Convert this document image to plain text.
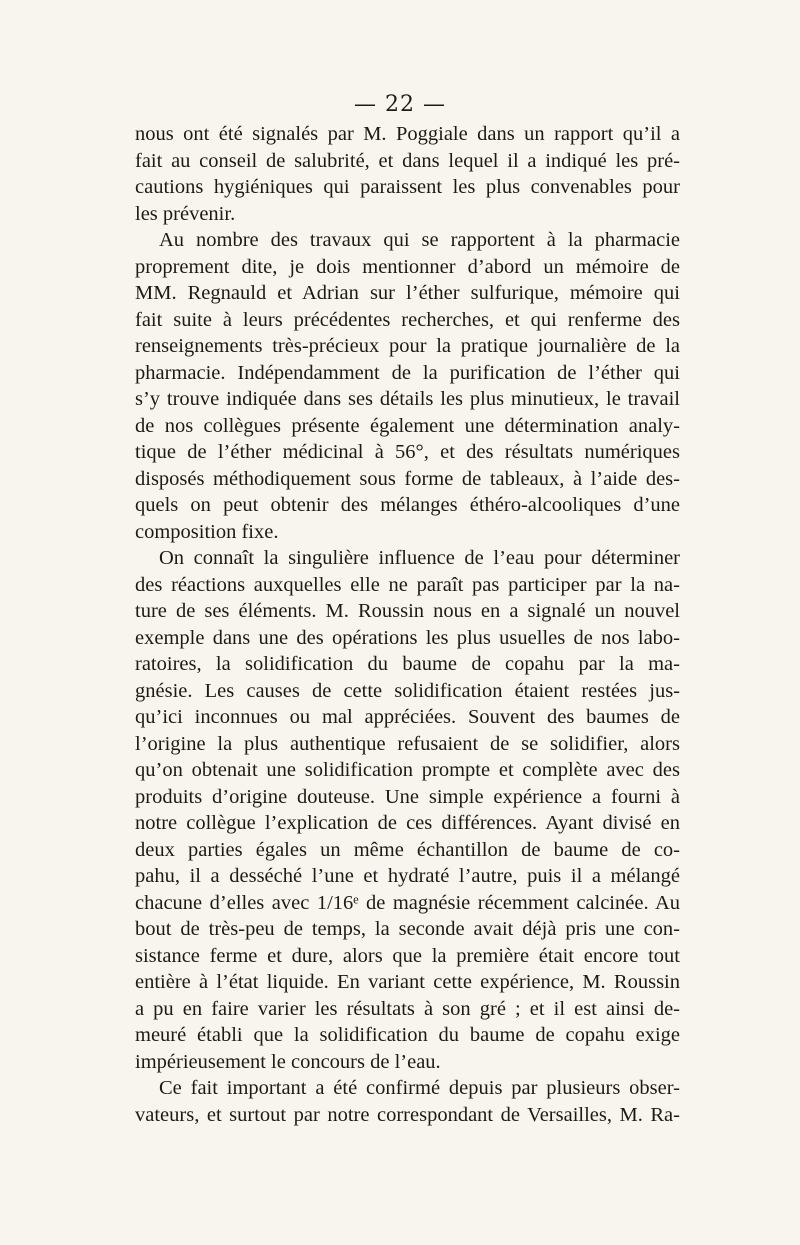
— 22 —
nous ont été signalés par M. Poggiale dans un rapport qu’il a
fait au conseil de salubrité, et dans lequel il a indiqué les pré-
cautions hygiéniques qui paraissent les plus convenables pour
les prévenir.
Au nombre des travaux qui se rapportent à la pharmacie
proprement dite, je dois mentionner d’abord un mémoire de
MM. Regnauld et Adrian sur l’éther sulfurique, mémoire qui
fait suite à leurs précédentes recherches, et qui renferme des
renseignements très-précieux pour la pratique journalière de la
pharmacie. Indépendamment de la purification de l’éther qui
s’y trouve indiquée dans ses détails les plus minutieux, le travail
de nos collègues présente également une détermination analy-
tique de l’éther médicinal à 56°, et des résultats numériques
disposés méthodiquement sous forme de tableaux, à l’aide des-
quels on peut obtenir des mélanges éthéro-alcooliques d’une
composition fixe.
On connaît la singulière influence de l’eau pour déterminer
des réactions auxquelles elle ne paraît pas participer par la na-
ture de ses éléments. M. Roussin nous en a signalé un nouvel
exemple dans une des opérations les plus usuelles de nos labo-
ratoires, la solidification du baume de copahu par la ma-
gnésie. Les causes de cette solidification étaient restées jus-
qu’ici inconnues ou mal appréciées. Souvent des baumes de
l’origine la plus authentique refusaient de se solidifier, alors
qu’on obtenait une solidification prompte et complète avec des
produits d’origine douteuse. Une simple expérience a fourni à
notre collègue l’explication de ces différences. Ayant divisé en
deux parties égales un même échantillon de baume de co-
pahu, il a desséché l’une et hydraté l’autre, puis il a mélangé
chacune d’elles avec 1/16ᵉ de magnésie récemment calcinée. Au
bout de très-peu de temps, la seconde avait déjà pris une con-
sistance ferme et dure, alors que la première était encore tout
entière à l’état liquide. En variant cette expérience, M. Roussin
a pu en faire varier les résultats à son gré ; et il est ainsi de-
meuré établi que la solidification du baume de copahu exige
impérieusement le concours de l’eau.
Ce fait important a été confirmé depuis par plusieurs obser-
vateurs, et surtout par notre correspondant de Versailles, M. Ra-
